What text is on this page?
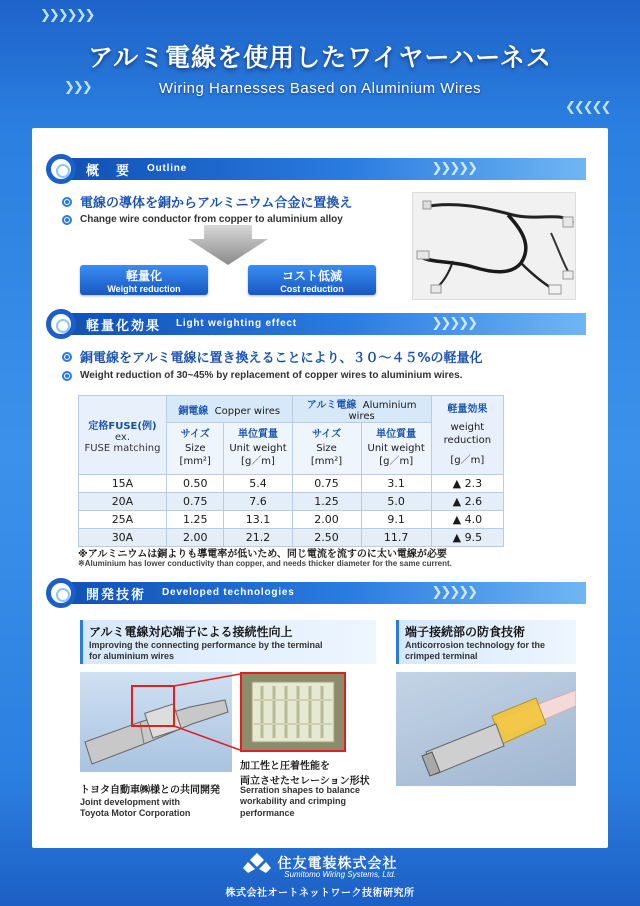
❯❯❯❯❯❯
❮❮❮❮❮
❯❯❯
アルミ電線を使用したワイヤーハーネス
Wiring Harnesses Based on Aluminium Wires
概　要 Outline	❯❯❯❯❯
電線の導体を銅からアルミニウム合金に置換え
Change wire conductor from copper to aluminium alloy
軽量化
Weight reduction
コスト低減
Cost reduction
軽量化効果 Light weighting effect	❯❯❯❯❯
銅電線をアルミ電線に置き換えることにより、３０～４５%の軽量化
Weight reduction of 30~45% by replacement of copper wires to aluminium wires.
定格FUSE(例)
ex.
FUSE matching	銅電線 Copper wires		アルミ電線 Aluminium wires		軽量効果
weight
reduction
[g／m]

	サイズ
Size
[mm²]	単位質量
Unit weight
[g／m]	サイズ
Size
[mm²]	単位質量
Unit weight
[g／m]	

15A	0.50	5.4	0.75	3.1	▲ 2.3
20A	0.75	7.6	1.25	5.0	▲ 2.6
25A	1.25	13.1	2.00	9.1	▲ 4.0
30A	2.00	21.2	2.50	11.7	▲ 9.5
※アルミニウムは銅よりも導電率が低いため、同じ電流を流すのに太い電線が必要
※Aluminium has lower conductivity than copper, and needs thicker diameter for the same current.
開発技術 Developed technologies	❯❯❯❯❯
アルミ電線対応端子による接続性向上
Improving the connecting performance by the terminal
for aluminium wires
端子接続部の防食技術
Anticorrosion technology for the
crimped terminal
トヨタ自動車㈱様との共同開発
Joint development with
Toyota Motor Corporation
加工性と圧着性能を
両立させたセレーション形状
Serration shapes to balance
workability and crimping
performance
住友電装株式会社
Sumitomo Wiring Systems, Ltd.
株式会社オートネットワーク技術研究所
